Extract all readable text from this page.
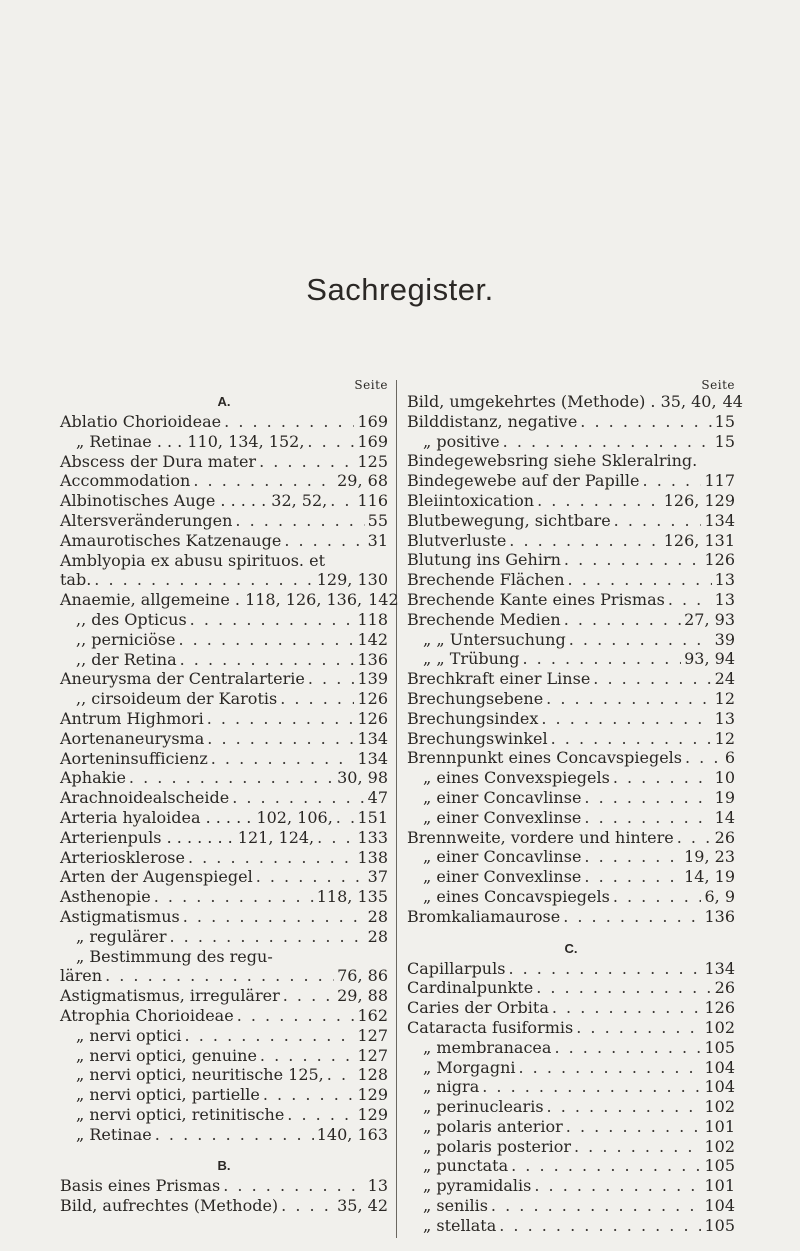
Sachregister.
Seite
A.
Ablatio Chorioideae . . .	169
„ Retinae . . . 110, 134, 152, . . .	169
Abscess der Dura mater . . .	125
Accommodation . . .	29, 68
Albinotisches Auge . . . . . 32, 52, . . . 116
Altersveränderungen . . .	55
Amaurotisches Katzenauge . . .	31
Amblyopia ex abusu spirituos. et
tab. . . .	129, 130
Anaemie, allgemeine . 118, 126, 136, . . . 142
,, des Opticus . . .	118
,, perniciöse . . .	142
,, der Retina . . .	136
Aneurysma der Centralarterie . . .	139
,, cirsoideum der Karotis . . .	126
Antrum Highmori . . .	126
Aortenaneurysma . . .	134
Aorteninsufficienz . . .	134
Aphakie . . .	30, 98
Arachnoidealscheide . . .	47
Arteria hyaloidea . . . . . 102, 106, . . . 151
Arterienpuls . . . . . . . 121, 124, . . .	133
Arteriosklerose . . .	138
Arten der Augenspiegel . . .	37
Asthenopie . . .	118, 135
Astigmatismus . . .	28
„ regulärer . . .	28
„ Bestimmung des regu-
lären . . .	76, 86
Astigmatismus, irregulärer . . .	29, 88
Atrophia Chorioideae . . .	162
„ nervi optici . . .	127
„ nervi optici, genuine . . .	127
„ nervi optici, neuritische 125, . . . 128
„ nervi optici, partielle . . .	129
„ nervi optici, retinitische . . .	129
„ Retinae . . .	140, 163
B.
Basis eines Prismas . . .	13
Bild, aufrechtes (Methode) . . .	35, 42
Seite
Bild, umgekehrtes (Methode) . 35, 40, . . . 44
Bilddistanz, negative . . .	15
„ positive . . .	15
Bindegewebsring siehe Skleralring.
Bindegewebe auf der Papille . . .	117
Bleiintoxication . . .	126, 129
Blutbewegung, sichtbare . . .	134
Blutverluste . . .	126, 131
Blutung ins Gehirn . . .	126
Brechende Flächen . . .	13
Brechende Kante eines Prismas . . .	13
Brechende Medien . . .	27, 93
„ „ Untersuchung . . .	39
„ „ Trübung . . .	93, 94
Brechkraft einer Linse . . .	24
Brechungsebene . . .	12
Brechungsindex . . .	13
Brechungswinkel . . .	12
Brennpunkt eines Concavspiegels . . .	6
„ eines Convexspiegels . . .	10
„ einer Concavlinse . . .	19
„ einer Convexlinse . . .	14
Brennweite, vordere und hintere . . .	26
„ einer Concavlinse . . .	19, 23
„ einer Convexlinse . . .	14, 19
„ eines Concavspiegels . . .	6, 9
Bromkaliamaurose . . .	136
C.
Capillarpuls . . .	134
Cardinalpunkte . . .	26
Caries der Orbita . . .	126
Cataracta fusiformis . . .	102
„ membranacea . . .	105
„ Morgagni . . .	104
„ nigra . . .	104
„ perinuclearis . . .	102
„ polaris anterior . . .	101
„ polaris posterior . . .	102
„ punctata . . .	105
„ pyramidalis . . .	101
„ senilis . . .	104
„ stellata . . .	105
